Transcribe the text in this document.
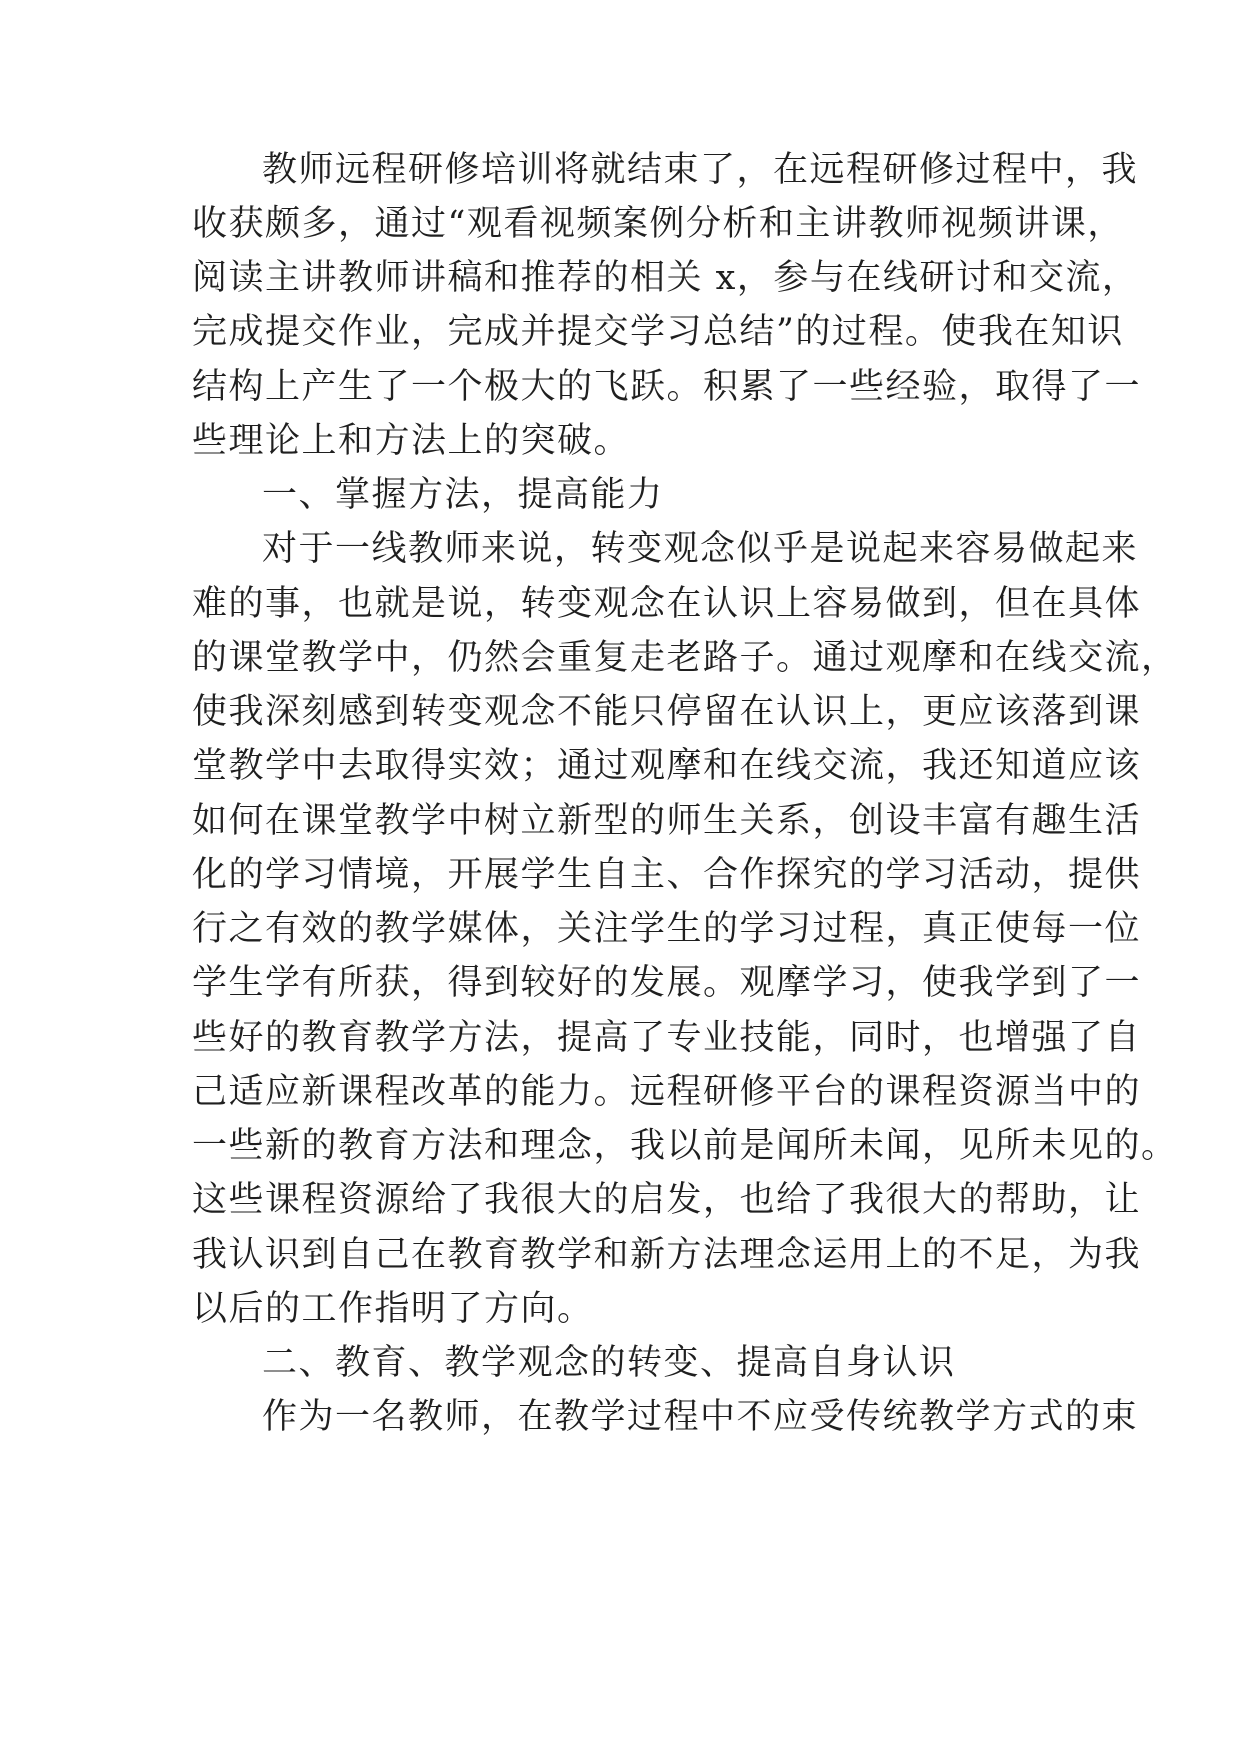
教师远程研修培训将就结束了，在远程研修过程中，我
收获颇多，通过“观看视频案例分析和主讲教师视频讲课，
阅读主讲教师讲稿和推荐的相关 x，参与在线研讨和交流，
完成提交作业，完成并提交学习总结”的过程。使我在知识
结构上产生了一个极大的飞跃。积累了一些经验，取得了一
些理论上和方法上的突破。
一、掌握方法，提高能力
对于一线教师来说，转变观念似乎是说起来容易做起来
难的事，也就是说，转变观念在认识上容易做到，但在具体
的课堂教学中，仍然会重复走老路子。通过观摩和在线交流，
使我深刻感到转变观念不能只停留在认识上，更应该落到课
堂教学中去取得实效；通过观摩和在线交流，我还知道应该
如何在课堂教学中树立新型的师生关系，创设丰富有趣生活
化的学习情境，开展学生自主、合作探究的学习活动，提供
行之有效的教学媒体，关注学生的学习过程，真正使每一位
学生学有所获，得到较好的发展。观摩学习，使我学到了一
些好的教育教学方法，提高了专业技能，同时，也增强了自
己适应新课程改革的能力。远程研修平台的课程资源当中的
一些新的教育方法和理念，我以前是闻所未闻，见所未见的。
这些课程资源给了我很大的启发，也给了我很大的帮助，让
我认识到自己在教育教学和新方法理念运用上的不足，为我
以后的工作指明了方向。
二、教育、教学观念的转变、提高自身认识
作为一名教师，在教学过程中不应受传统教学方式的束
